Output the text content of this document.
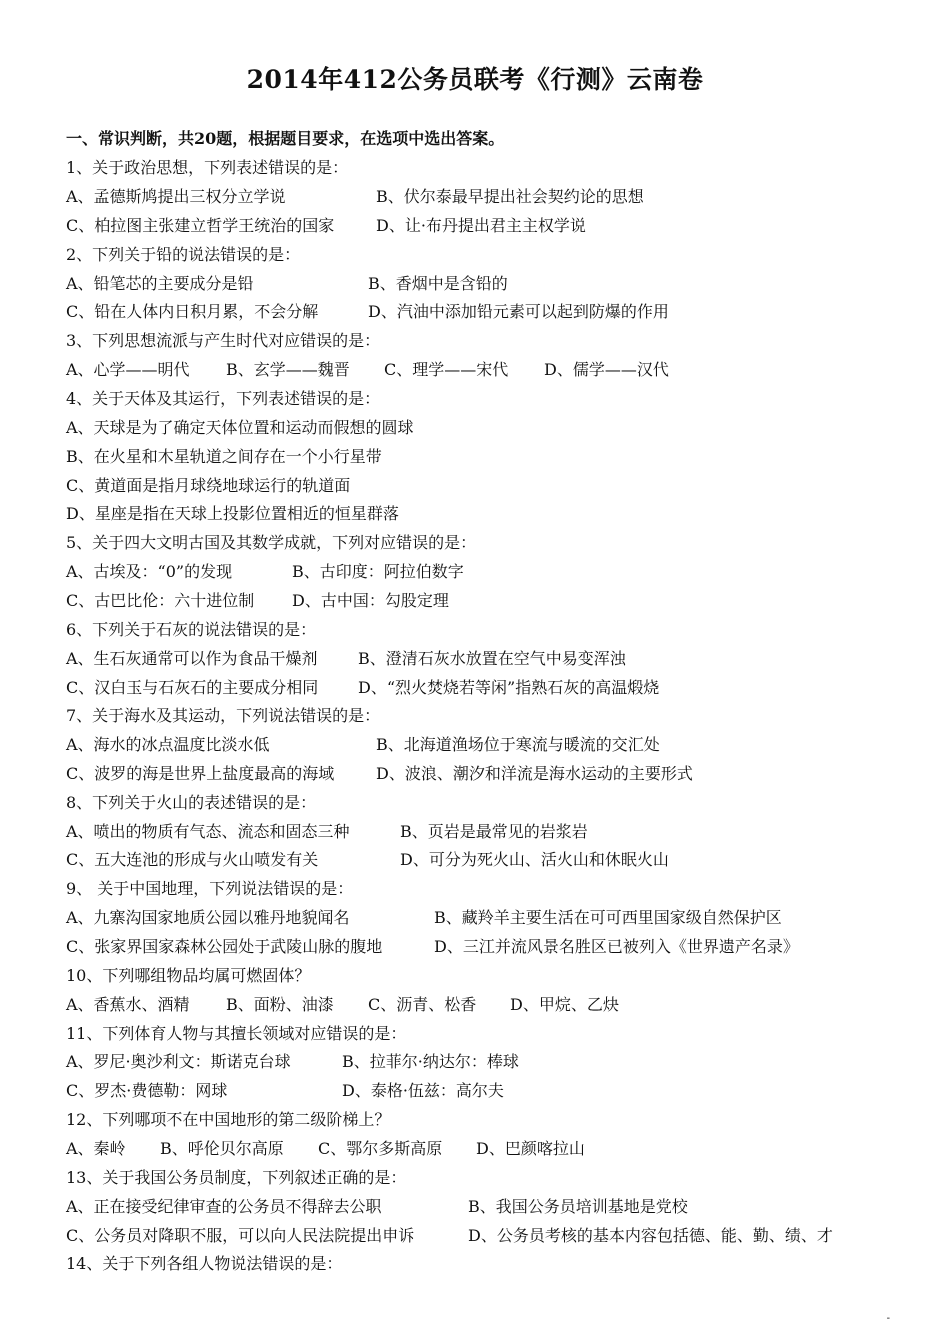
2014年412公务员联考《行测》云南卷
一、常识判断，共20题，根据题目要求，在选项中选出答案。
1、关于政治思想，下列表述错误的是：
A、孟德斯鸠提出三权分立学说	B、伏尔泰最早提出社会契约论的思想
C、柏拉图主张建立哲学王统治的国家	D、让·布丹提出君主主权学说
2、下列关于铅的说法错误的是：
A、铅笔芯的主要成分是铅	B、香烟中是含铅的
C、铅在人体内日积月累，不会分解	D、汽油中添加铅元素可以起到防爆的作用
3、下列思想流派与产生时代对应错误的是：
A、心学——明代 B、玄学——魏晋 C、理学——宋代 D、儒学——汉代
4、关于天体及其运行，下列表述错误的是：
A、天球是为了确定天体位置和运动而假想的圆球
B、在火星和木星轨道之间存在一个小行星带
C、黄道面是指月球绕地球运行的轨道面
D、星座是指在天球上投影位置相近的恒星群落
5、关于四大文明古国及其数学成就，下列对应错误的是：
A、古埃及：“0”的发现	B、古印度：阿拉伯数字
C、古巴比伦：六十进位制 D、古中国：勾股定理
6、下列关于石灰的说法错误的是：
A、生石灰通常可以作为食品干燥剂	B、澄清石灰水放置在空气中易变浑浊
C、汉白玉与石灰石的主要成分相同 D、“烈火焚烧若等闲”指熟石灰的高温煅烧
7、关于海水及其运动，下列说法错误的是：
A、海水的冰点温度比淡水低	B、北海道渔场位于寒流与暖流的交汇处
C、波罗的海是世界上盐度最高的海域	D、波浪、潮汐和洋流是海水运动的主要形式
8、下列关于火山的表述错误的是：
A、喷出的物质有气态、流态和固态三种	B、页岩是最常见的岩浆岩
C、五大连池的形成与火山喷发有关	D、可分为死火山、活火山和休眠火山
9、 关于中国地理，下列说法错误的是：
A、九寨沟国家地质公园以雅丹地貌闻名	B、藏羚羊主要生活在可可西里国家级自然保护区
C、张家界国家森林公园处于武陵山脉的腹地	D、三江并流风景名胜区已被列入《世界遗产名录》
10、下列哪组物品均属可燃固体？
A、香蕉水、酒精 B、面粉、油漆 C、沥青、松香 D、甲烷、乙炔
11、下列体育人物与其擅长领域对应错误的是：
A、罗尼·奥沙利文：斯诺克台球	B、拉菲尔·纳达尔：棒球
C、罗杰·费德勒：网球	D、泰格·伍兹：高尔夫
12、下列哪项不在中国地形的第二级阶梯上？
A、秦岭 B、呼伦贝尔高原 C、鄂尔多斯高原 D、巴颜喀拉山
13、关于我国公务员制度，下列叙述正确的是：
A、正在接受纪律审查的公务员不得辞去公职	B、我国公务员培训基地是党校
C、公务员对降职不服，可以向人民法院提出申诉	D、公务员考核的基本内容包括德、能、勤、绩、才
14、关于下列各组人物说法错误的是：
-
